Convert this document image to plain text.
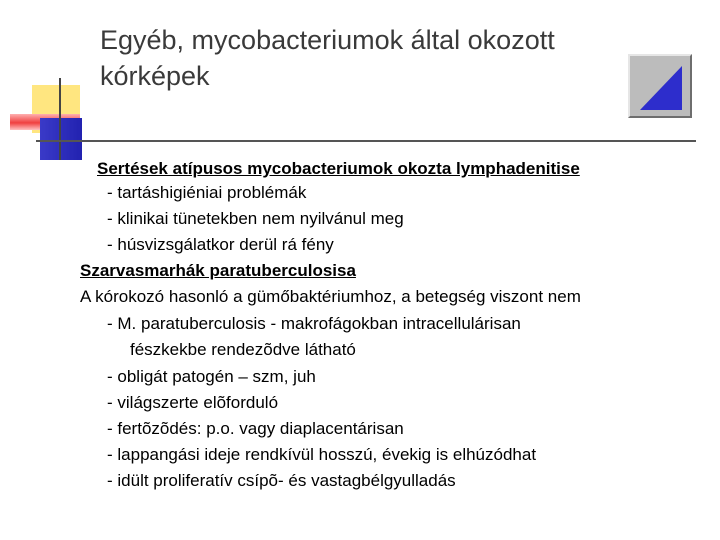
Egyéb, mycobacteriumok által okozott
kórképek
Sertések atípusos mycobacteriumok okozta lymphadenitise
- tartáshigiéniai problémák
- klinikai tünetekben nem nyilvánul meg
- húsvizsgálatkor derül rá fény
Szarvasmarhák paratuberculosisa
A kórokozó hasonló a gümőbaktériumhoz, a betegség viszont nem
- M. paratuberculosis - makrofágokban intracellulárisan
fészkekbe rendezõdve látható
- obligát patogén – szm, juh
- világszerte elõforduló
- fertõzõdés: p.o. vagy diaplacentárisan
- lappangási ideje rendkívül hosszú, évekig is elhúzódhat
- idült proliferatív csípõ- és vastagbélgyulladás
